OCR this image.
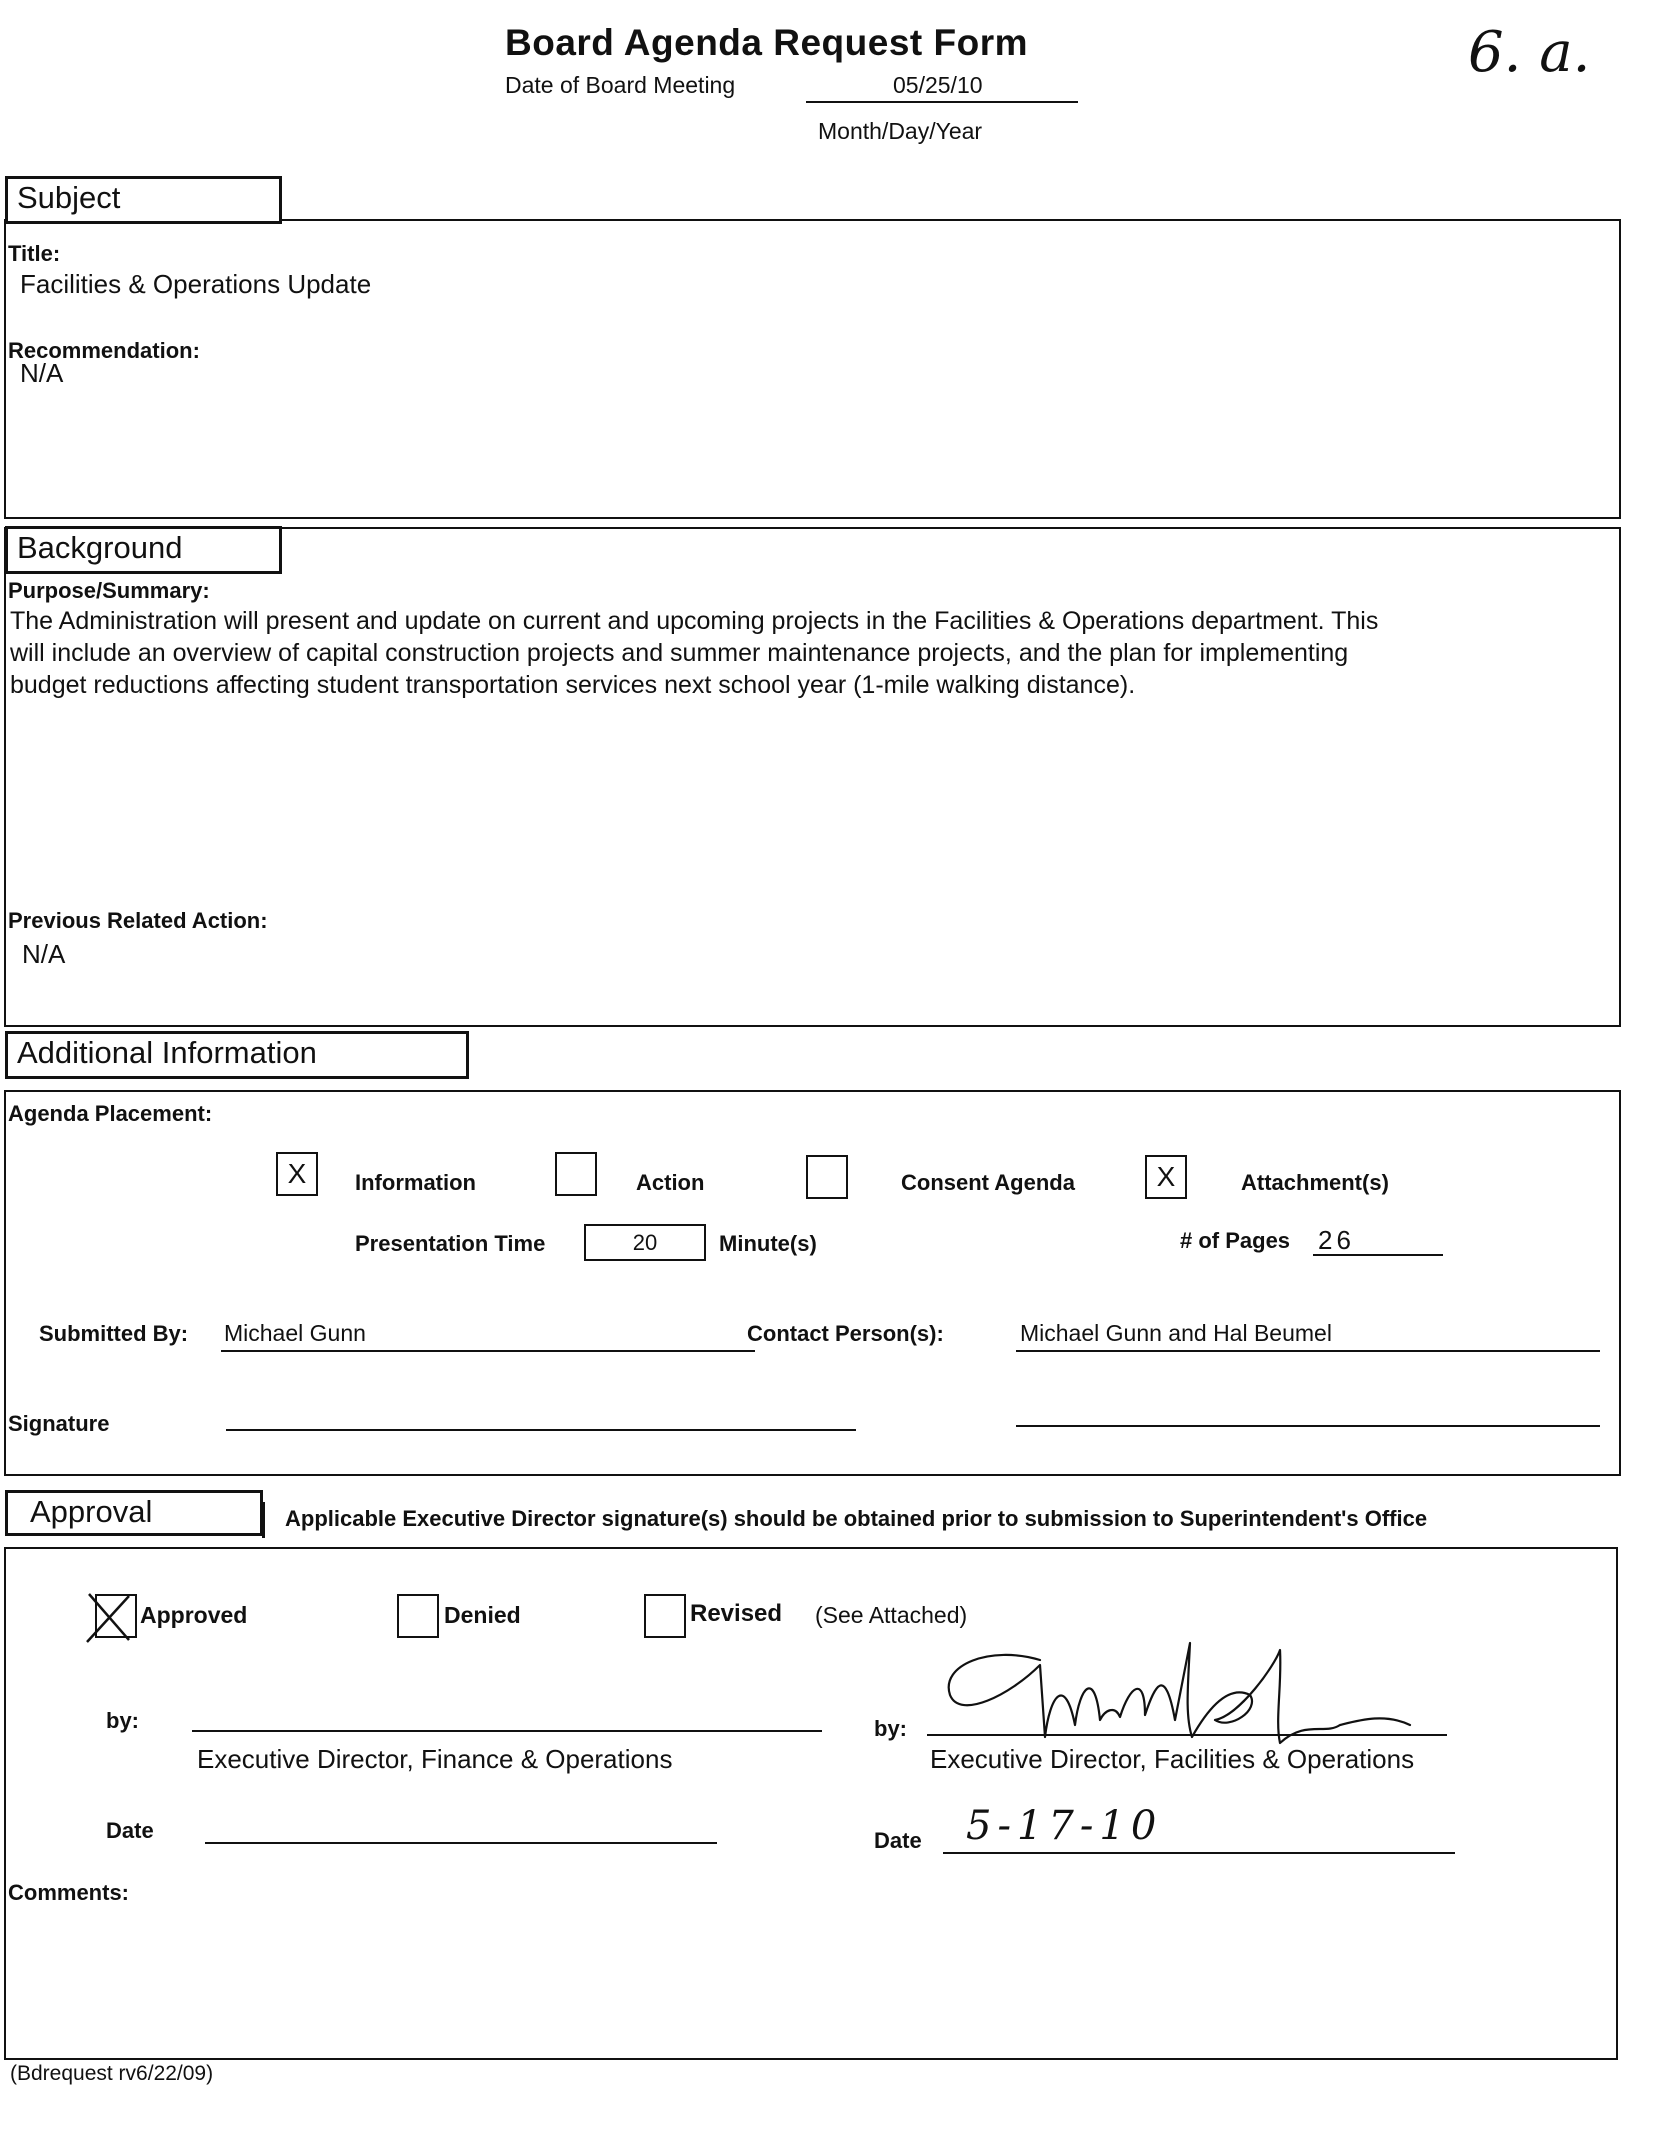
Board Agenda Request Form
Date of Board Meeting	05/25/10
Month/Day/Year
6. a.
Subject
Title:
Facilities & Operations Update
Recommendation:
N/A
Background
Purpose/Summary:
The Administration will present and update on current and upcoming projects in the Facilities & Operations department. This
will include an overview of capital construction projects and summer maintenance projects, and the plan for implementing
budget reductions affecting student transportation services next school year (1-mile walking distance).
Previous Related Action:
N/A
Additional Information
Agenda Placement:
X	Information	Action	Consent Agenda	X	Attachment(s)
Presentation Time	20	Minute(s)	# of Pages 26
Submitted By: Michael Gunn	Contact Person(s):	Michael Gunn and Hal Beumel
Signature
Approval	Applicable Executive Director signature(s) should be obtained prior to submission to Superintendent's Office
Approved	Denied	Revised (See Attached)
by:
Executive Director, Finance & Operations
by:
Executive Director, Facilities & Operations
Date	Date 5-17-10
Comments:
(Bdrequest rv6/22/09)
